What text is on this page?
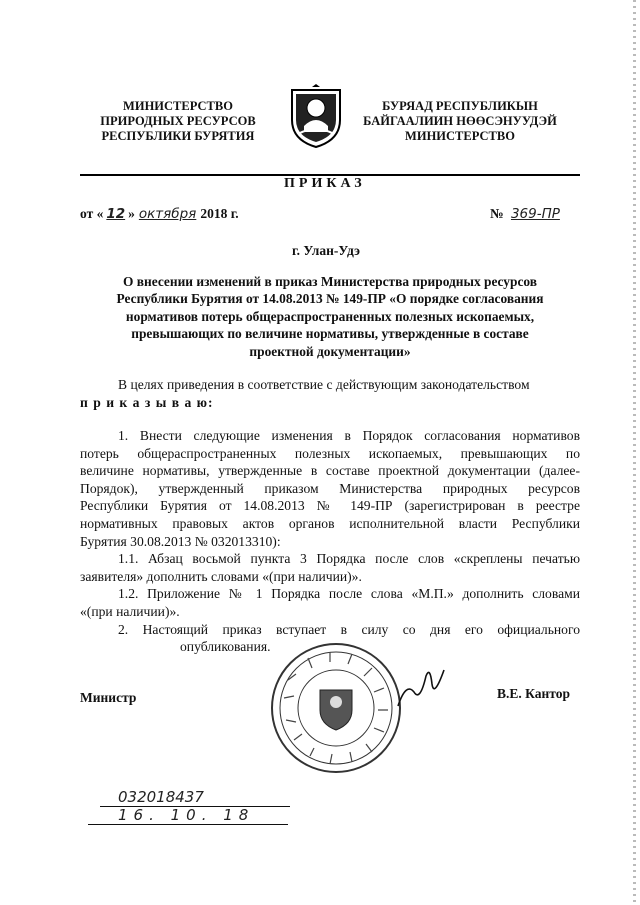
МИНИСТЕРСТВО
ПРИРОДНЫХ РЕСУРСОВ
РЕСПУБЛИКИ БУРЯТИЯ
БУРЯАД РЕСПУБЛИКЫН
БАЙГААЛИИН НӨӨСЭНУУДЭЙ
МИНИСТЕРСТВО
ПРИКАЗ
от « 12 » октября 2018 г.	№ 369-ПР
г. Улан-Удэ
О внесении изменений в приказ Министерства природных ресурсов
Республики Бурятия от 14.08.2013 № 149-ПР «О порядке согласования
нормативов потерь общераспространенных полезных ископаемых,
превышающих по величине нормативы, утвержденные в составе
проектной документации»
В целях приведения в соответствие с действующим законодательством
п р и к а з ы в а ю:
1. Внести следующие изменения в Порядок согласования нормативов
потерь общераспространенных полезных ископаемых, превышающих по
величине нормативы, утвержденные в составе проектной документации (далее-
Порядок), утвержденный приказом Министерства природных ресурсов
Республики Бурятия от 14.08.2013 № 149-ПР (зарегистрирован в реестре
нормативных правовых актов органов исполнительной власти Республики
Бурятия 30.08.2013 № 032013310):
1.1. Абзац восьмой пункта 3 Порядка после слов «скреплены печатью
заявителя» дополнить словами «(при наличии)».
1.2. Приложение № 1 Порядка после слова «М.П.» дополнить словами
«(при наличии)».
2. Настоящий приказ вступает в силу со дня его официального
опубликования.
Министр	В.Е. Кантор
032018437
16. 10. 18
